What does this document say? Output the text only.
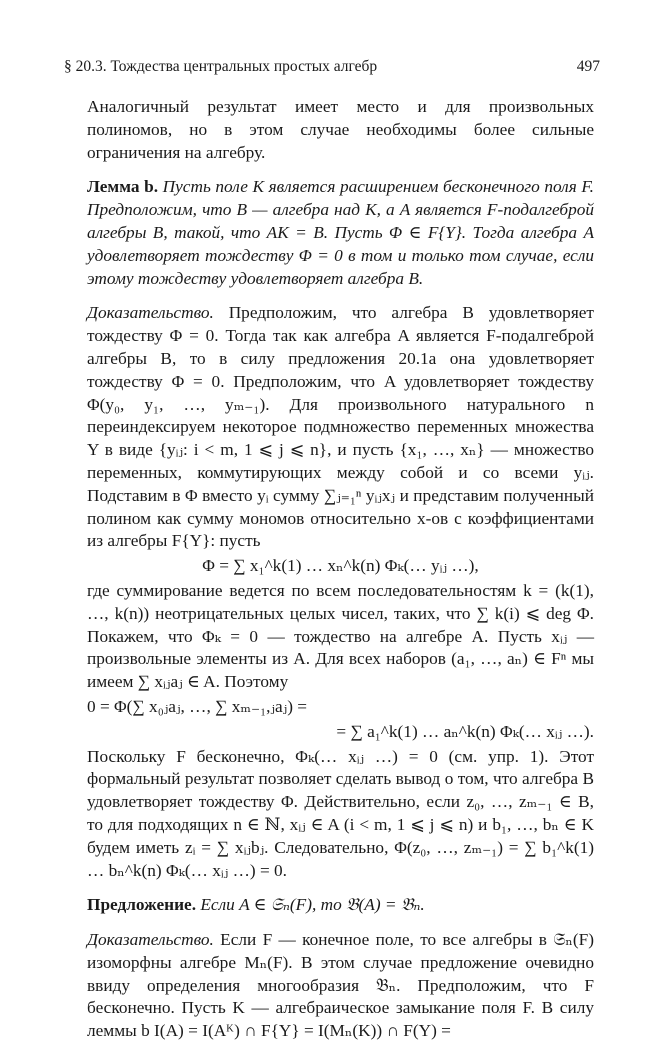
§ 20.3. Тождества центральных простых алгебр	497

Аналогичный результат имеет место и для произвольных полиномов, но в этом случае необходимы более сильные ограничения на алгебру.

Лемма b. Пусть поле K является расширением бесконечного поля F. Предположим, что B — алгебра над K, а A является F-подалгеброй алгебры B, такой, что AK = B. Пусть Φ ∈ F{Y}. Тогда алгебра A удовлетворяет тождеству Φ = 0 в том и только том случае, если этому тождеству удовлетворяет алгебра B.

Доказательство. Предположим, что алгебра B удовлетворяет тождеству Φ = 0. Тогда так как алгебра A является F-подалгеброй алгебры B, то в силу предложения 20.1a она удовлетворяет тождеству Φ = 0. Предположим, что A удовлетворяет тождеству Φ(y₀, y₁, …, yₘ₋₁). Для произвольного натурального n переиндексируем некоторое подмножество переменных множества Y в виде {yᵢⱼ: i < m, 1 ⩽ j ⩽ n}, и пусть {x₁, …, xₙ} — множество переменных, коммутирующих между собой и со всеми yᵢⱼ. Подставим в Φ вместо yᵢ сумму ∑ⱼ₌₁ⁿ yᵢⱼxⱼ и представим полученный полином как сумму мономов относительно x-ов с коэффициентами из алгебры F{Y}: пусть

Φ = ∑ x₁^k(1) … xₙ^k(n) Φₖ(… yᵢⱼ …),

где суммирование ведется по всем последовательностям k = (k(1), …, k(n)) неотрицательных целых чисел, таких, что ∑ k(i) ⩽ deg Φ. Покажем, что Φₖ = 0 — тождество на алгебре A. Пусть xᵢⱼ — произвольные элементы из A. Для всех наборов (a₁, …, aₙ) ∈ Fⁿ мы имеем ∑ xᵢⱼaⱼ ∈ A. Поэтому

0 = Φ(∑ x₀ⱼaⱼ, …, ∑ xₘ₋₁,ⱼaⱼ) =

= ∑ a₁^k(1) … aₙ^k(n) Φₖ(… xᵢⱼ …).

Поскольку F бесконечно, Φₖ(… xᵢⱼ …) = 0 (см. упр. 1). Этот формальный результат позволяет сделать вывод о том, что алгебра B удовлетворяет тождеству Φ. Действительно, если z₀, …, zₘ₋₁ ∈ B, то для подходящих n ∈ ℕ, xᵢⱼ ∈ A (i < m, 1 ⩽ j ⩽ n) и b₁, …, bₙ ∈ K будем иметь zᵢ = ∑ xᵢⱼbⱼ. Следовательно, Φ(z₀, …, zₘ₋₁) = ∑ b₁^k(1) … bₙ^k(n) Φₖ(… xᵢⱼ …) = 0.

Предложение. Если A ∈ 𝔖ₙ(F), то 𝔅(A) = 𝔅ₙ.

Доказательство. Если F — конечное поле, то все алгебры в 𝔖ₙ(F) изоморфны алгебре Mₙ(F). В этом случае предложение очевидно ввиду определения многообразия 𝔅ₙ. Предположим, что F бесконечно. Пусть K — алгебраическое замыкание поля F. В силу леммы b I(A) = I(Aᴷ) ∩ F{Y} = I(Mₙ(K)) ∩ F(Y) =
